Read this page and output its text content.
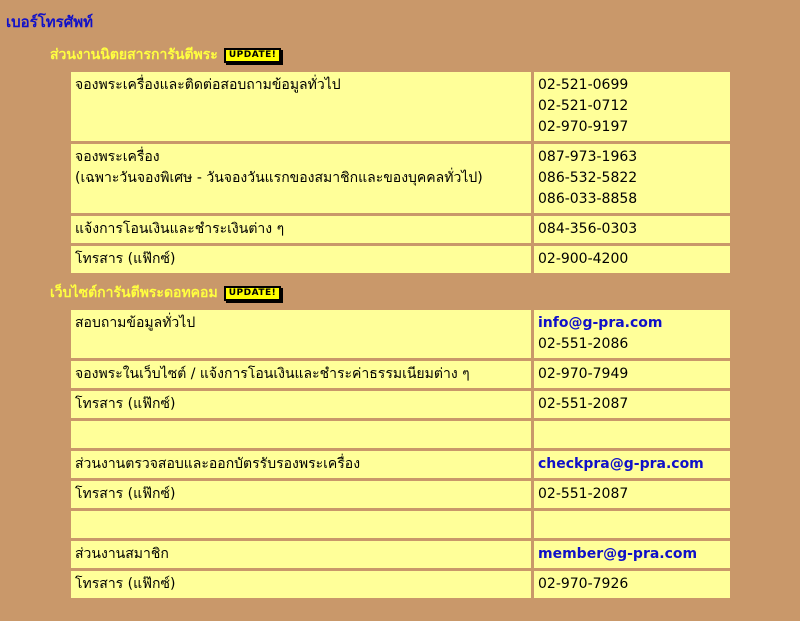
เบอร์โทรศัพท์
ส่วนงานนิตยสารการันตีพระ	UPDATE!
จองพระเครื่องและติดต่อสอบถามข้อมูลทั่วไป	02-521-0699
02-521-0712
02-970-9197

จองพระเครื่อง
(เฉพาะวันจองพิเศษ - วันจองวันแรกของสมาชิกและของบุคคลทั่วไป)	087-973-1963
086-532-5822
086-033-8858

แจ้งการโอนเงินและชำระเงินต่าง ๆ	084-356-0303

โทรสาร (แฟ๊กซ์)	02-900-4200
เว็บไซต์การันตีพระดอทคอม	UPDATE!
สอบถามข้อมูลทั่วไป	info@g-pra.com
02-551-2086

จองพระในเว็บไซต์ / แจ้งการโอนเงินและชำระค่าธรรมเนียมต่าง ๆ	02-970-7949

โทรสาร (แฟ๊กซ์)	02-551-2087

ส่วนงานตรวจสอบและออกบัตรรับรองพระเครื่อง	checkpra@g-pra.com

โทรสาร (แฟ๊กซ์)	02-551-2087

ส่วนงานสมาชิก	member@g-pra.com

โทรสาร (แฟ๊กซ์)	02-970-7926
